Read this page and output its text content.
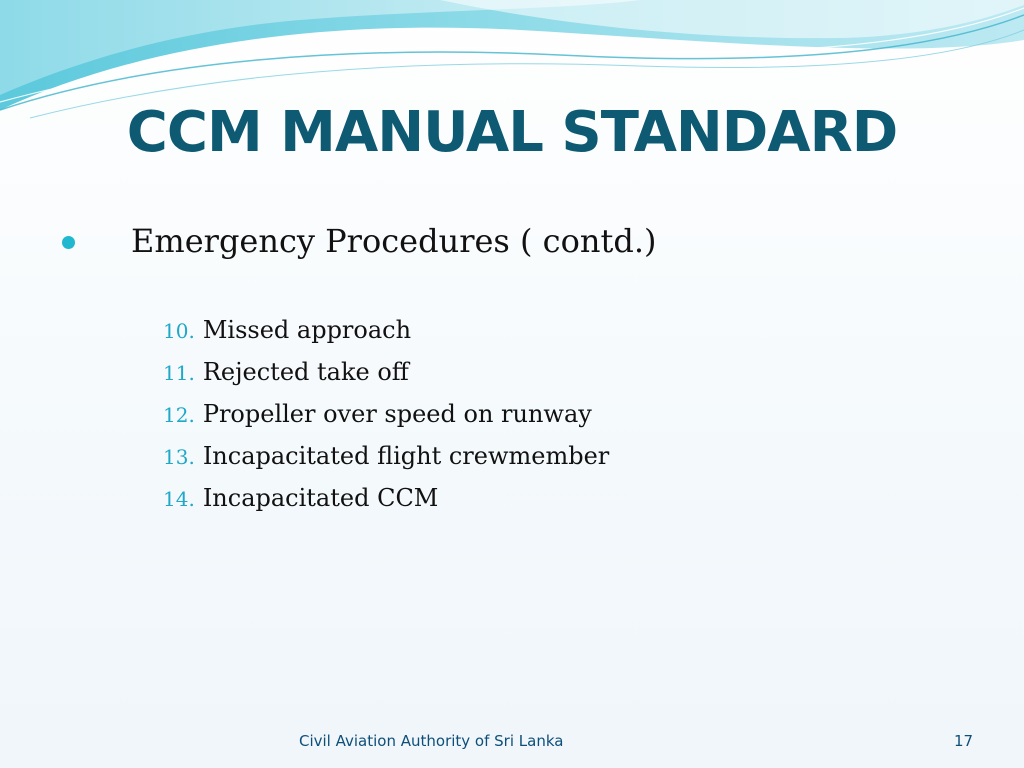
CCM MANUAL STANDARD
Emergency Procedures ( contd.)
10. Missed approach
11. Rejected take off
12. Propeller over speed on runway
13. Incapacitated flight crewmember
14. Incapacitated CCM
Civil Aviation Authority of Sri Lanka	17
